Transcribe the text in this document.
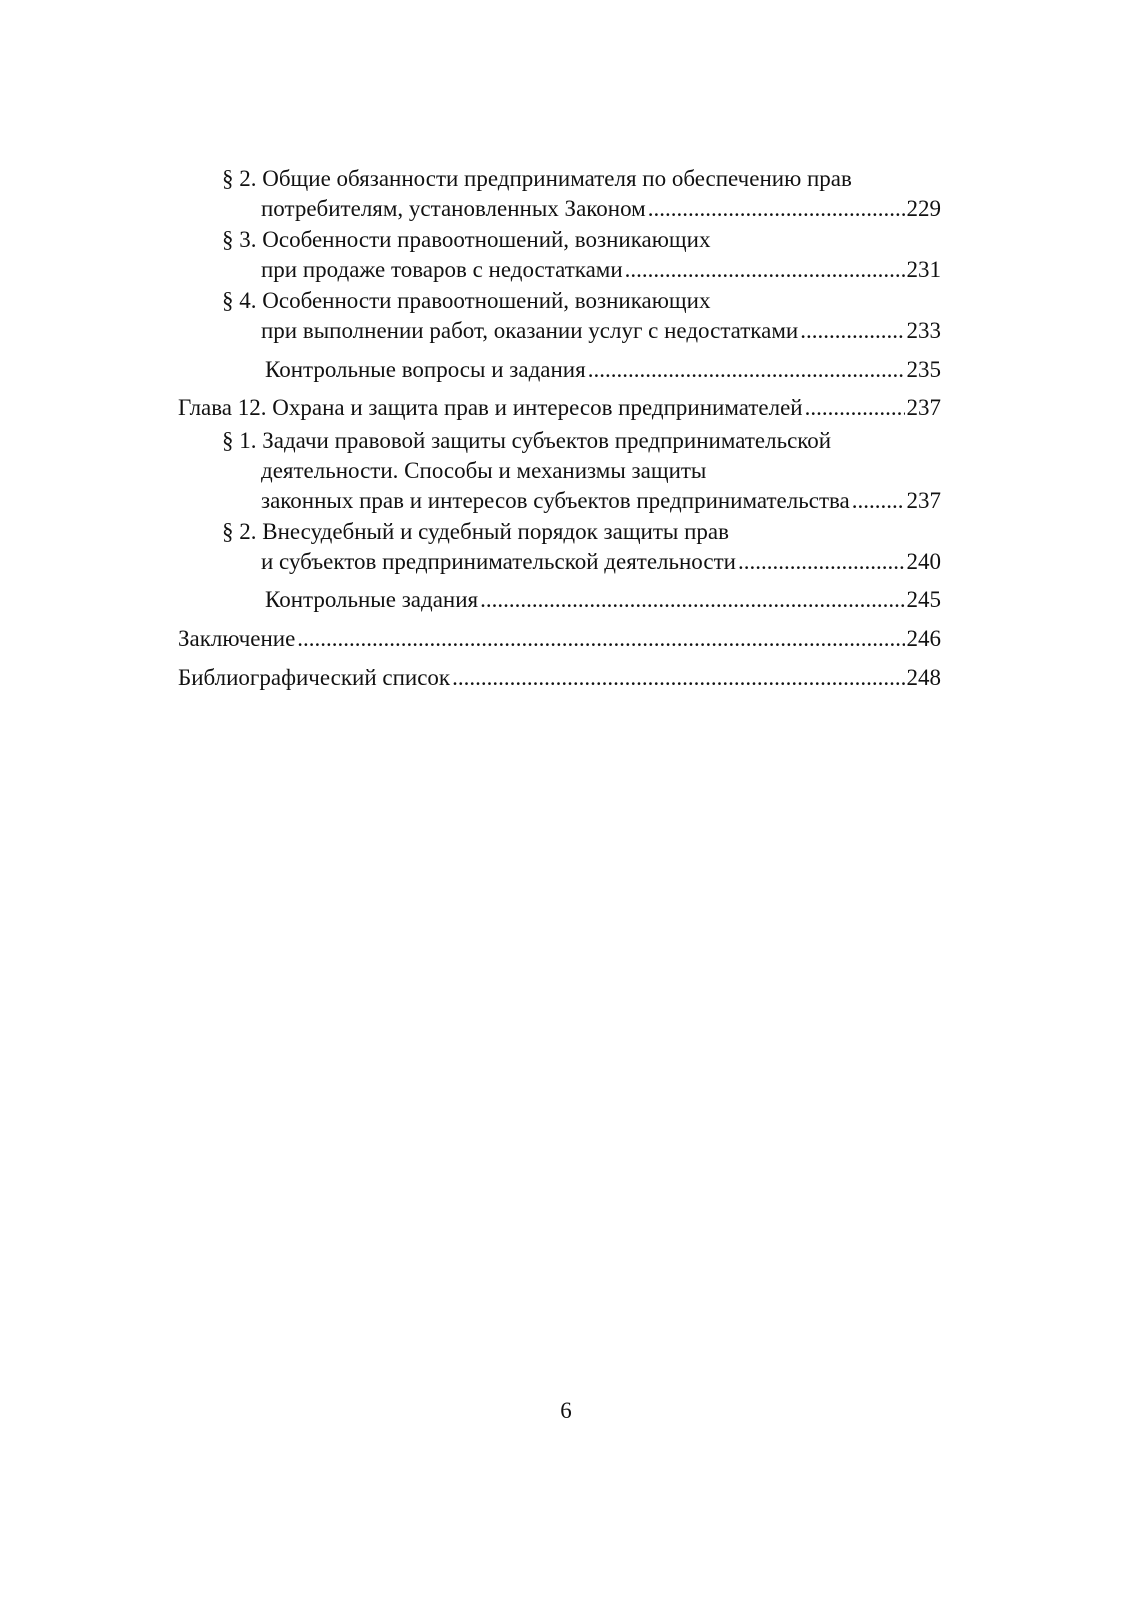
§ 2. Общие обязанности предпринимателя по обеспечению прав
потребителям, установленных Законом .....	229
§ 3. Особенности правоотношений, возникающих
при продаже товаров с недостатками .....	231
§ 4. Особенности правоотношений, возникающих
при выполнении работ, оказании услуг с недостатками .....	233
Контрольные вопросы и задания .....	235
Глава 12. Охрана и защита прав и интересов предпринимателей .....	237
§ 1. Задачи правовой защиты субъектов предпринимательской
деятельности. Способы и механизмы защиты
законных прав и интересов субъектов предпринимательства ..... 237
§ 2. Внесудебный и судебный порядок защиты прав
и субъектов предпринимательской деятельности .....	240
Контрольные задания .....	245
Заключение .....	246
Библиографический список .....	248
6
